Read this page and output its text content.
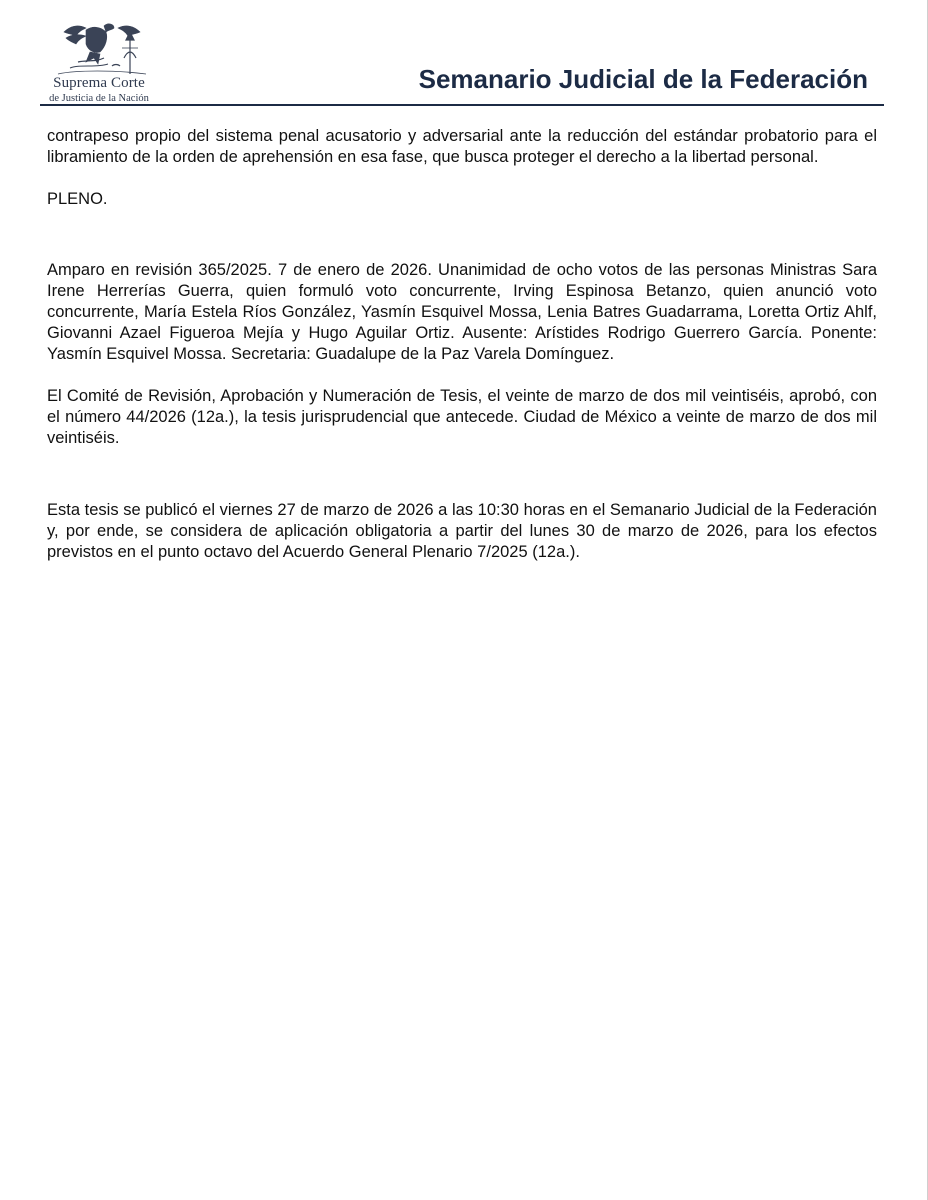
Suprema Corte
de Justicia de la Nación
Semanario Judicial de la Federación

contrapeso propio del sistema penal acusatorio y adversarial ante la reducción del estándar probatorio para el libramiento de la orden de aprehensión en esa fase, que busca proteger el derecho a la libertad personal.

PLENO.

Amparo en revisión 365/2025. 7 de enero de 2026. Unanimidad de ocho votos de las personas Ministras Sara Irene Herrerías Guerra, quien formuló voto concurrente, Irving Espinosa Betanzo, quien anunció voto concurrente, María Estela Ríos González, Yasmín Esquivel Mossa, Lenia Batres Guadarrama, Loretta Ortiz Ahlf, Giovanni Azael Figueroa Mejía y Hugo Aguilar Ortiz. Ausente: Arístides Rodrigo Guerrero García. Ponente: Yasmín Esquivel Mossa. Secretaria: Guadalupe de la Paz Varela Domínguez.

El Comité de Revisión, Aprobación y Numeración de Tesis, el veinte de marzo de dos mil veintiséis, aprobó, con el número 44/2026 (12a.), la tesis jurisprudencial que antecede. Ciudad de México a veinte de marzo de dos mil veintiséis.

Esta tesis se publicó el viernes 27 de marzo de 2026 a las 10:30 horas en el Semanario Judicial de la Federación y, por ende, se considera de aplicación obligatoria a partir del lunes 30 de marzo de 2026, para los efectos previstos en el punto octavo del Acuerdo General Plenario 7/2025 (12a.).
